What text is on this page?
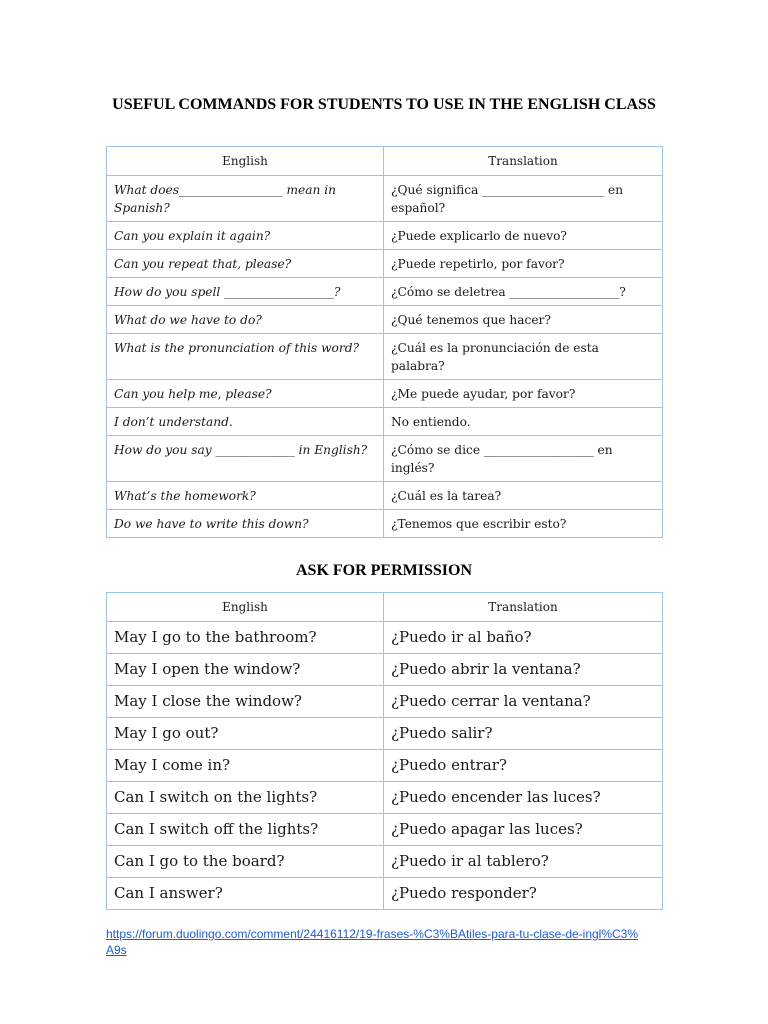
USEFUL COMMANDS FOR STUDENTS TO USE IN THE ENGLISH CLASS
English	Translation
What does_________________ mean in Spanish?	¿Qué significa ____________________ en español?
Can you explain it again?	¿Puede explicarlo de nuevo?
Can you repeat that, please?	¿Puede repetirlo, por favor?
How do you spell __________________?	¿Cómo se deletrea __________________?
What do we have to do?	¿Qué tenemos que hacer?
What is the pronunciation of this word?	¿Cuál es la pronunciación de esta palabra?
Can you help me, please?	¿Me puede ayudar, por favor?
I don’t understand.	No entiendo.
How do you say _____________ in English?	¿Cómo se dice __________________ en inglés?
What’s the homework?	¿Cuál es la tarea?
Do we have to write this down?	¿Tenemos que escribir esto?
ASK FOR PERMISSION
English	Translation
May I go to the bathroom?	¿Puedo ir al baño?
May I open the window?	¿Puedo abrir la ventana?
May I close the window?	¿Puedo cerrar la ventana?
May I go out?	¿Puedo salir?
May I come in?	¿Puedo entrar?
Can I switch on the lights?	¿Puedo encender las luces?
Can I switch off the lights?	¿Puedo apagar las luces?
Can I go to the board?	¿Puedo ir al tablero?
Can I answer?	¿Puedo responder?
https://forum.duolingo.com/comment/24416112/19-frases-%C3%BAtiles-para-tu-clase-de-ingl%C3%A9s
